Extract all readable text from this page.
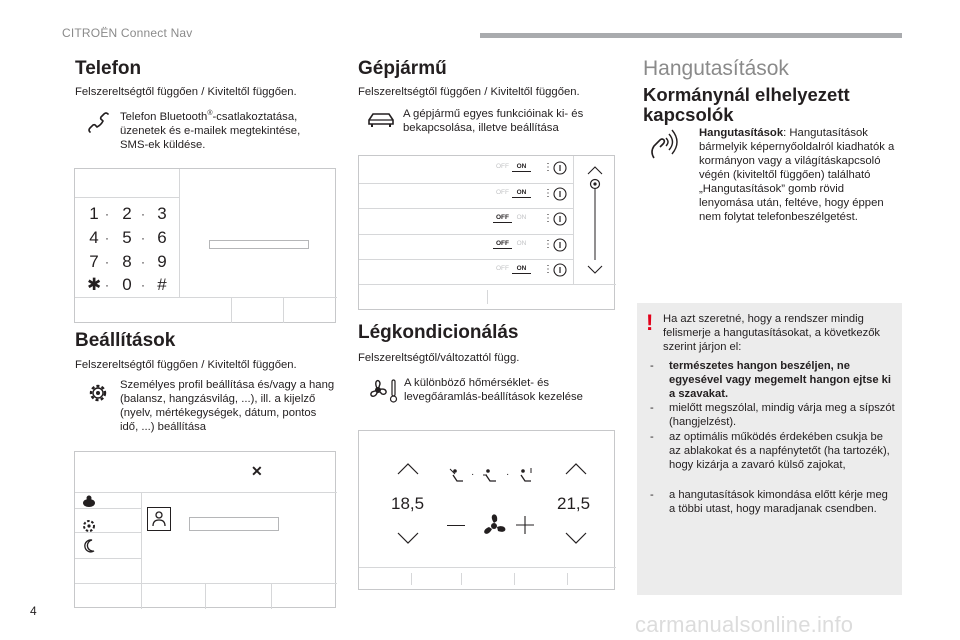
CITROËN Connect Nav
Telefon
Felszereltségtől függően / Kiviteltől függően.
Telefon Bluetooth®-csatlakoztatása, üzenetek és e-mailek megtekintése, SMS-ek küldése.
1 · 2 · 3
4 · 5 · 6
7 · 8 · 9
✱ · 0 · #
Beállítások
Felszereltségtől függően / Kiviteltől függően.
Személyes profil beállítása és/vagy a hang (balansz, hangzásvilág, ...), ill. a kijelző (nyelv, mértékegységek, dátum, pontos idő, ...) beállítása
✕
Gépjármű
Felszereltségtől függően / Kiviteltől függően.
A gépjármű egyes funkcióinak ki- és bekapcsolása, illetve beállítása
OFF ON
OFF ON
OFF ON
OFF ON
OFF ON
⋮
⋮
⋮
⋮
⋮
Légkondicionálás
Felszereltségtől/változattól függ.
A különböző hőmérséklet- és levegőáramlás-beállítások kezelése
18,5	21,5
·	·
Hangutasítások
Kormánynál elhelyezett kapcsolók
Hangutasítások: Hangutasítások bármelyik képernyőoldalról kiadhatók a kormányon vagy a világításkapcsoló végén (kiviteltől függően) található „Hangutasítások” gomb rövid lenyomása után, feltéve, hogy éppen nem folytat telefonbeszélgetést.
! Ha azt szeretné, hogy a rendszer mindig felismerje a hangutasításokat, a következők szerint járjon el:
- természetes hangon beszéljen, ne egyesével vagy megemelt hangon ejtse ki a szavakat.
- mielőtt megszólal, mindig várja meg a sípszót (hangjelzést).
- az optimális működés érdekében csukja be az ablakokat és a napfénytetőt (ha tartozék), hogy kizárja a zavaró külső zajokat,
- a hangutasítások kimondása előtt kérje meg a többi utast, hogy maradjanak csendben.
4
carmanualsonline.info
